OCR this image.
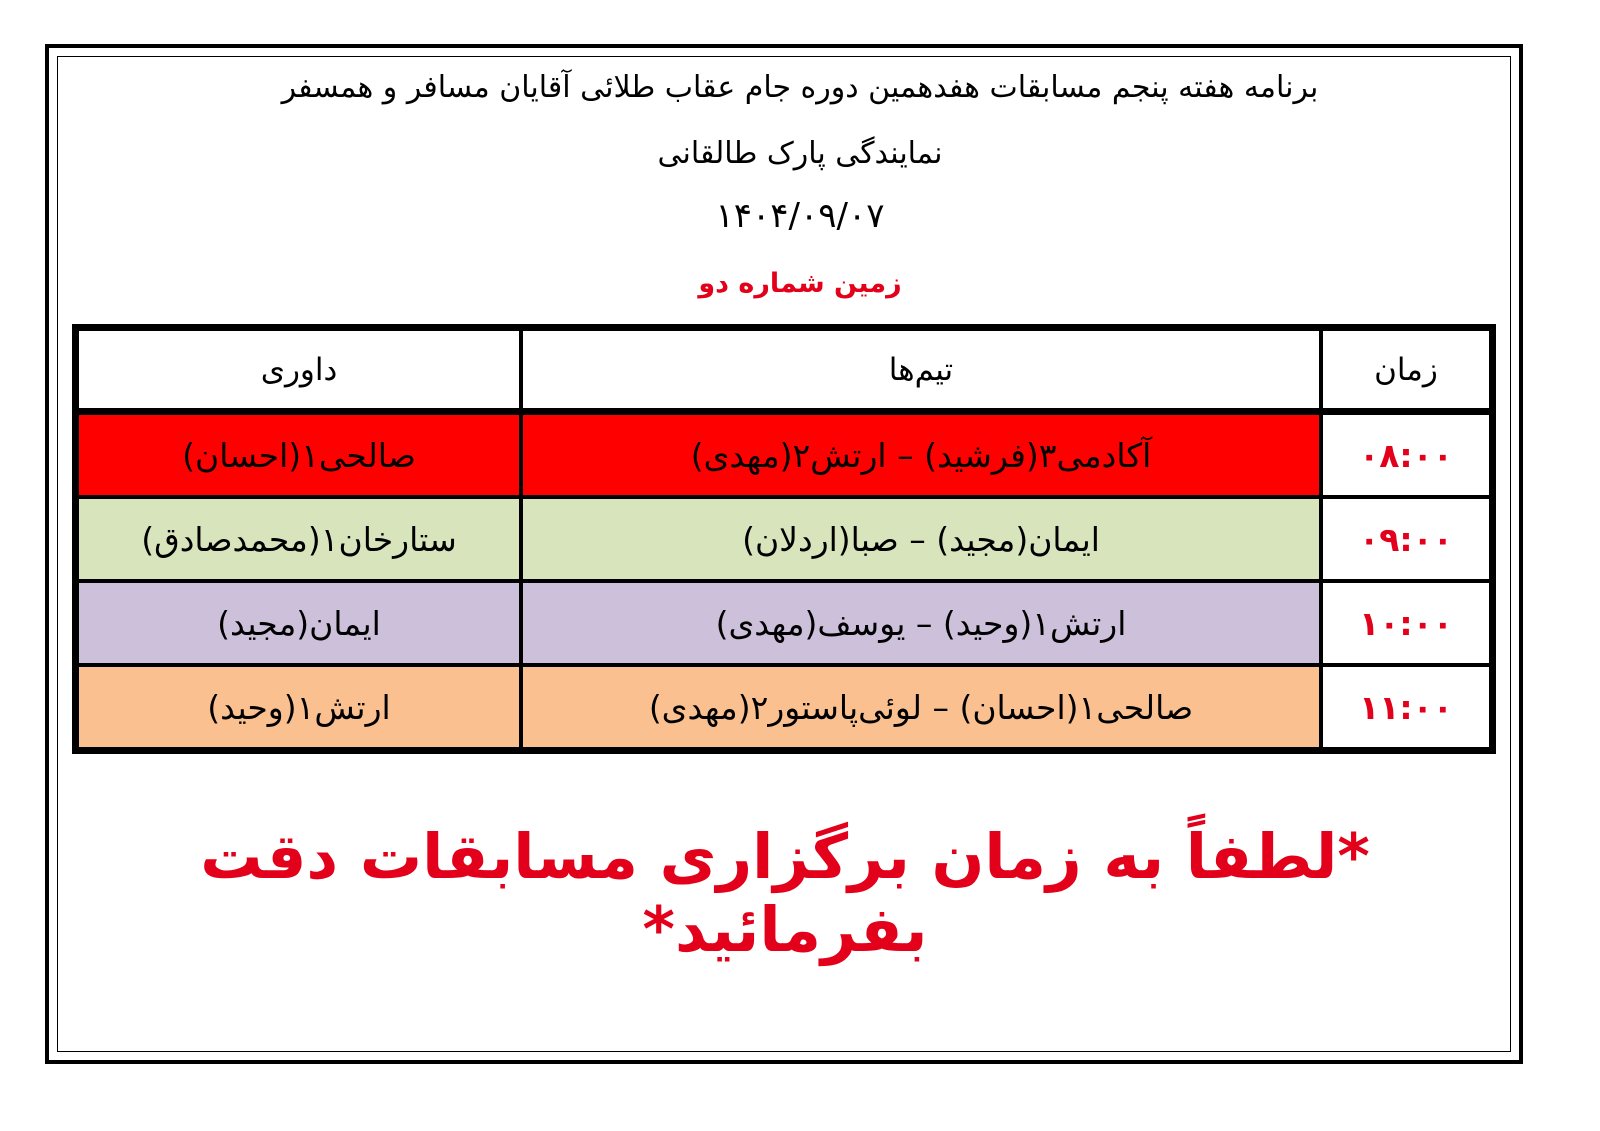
برنامه هفته پنجم مسابقات هفدهمین دوره جام عقاب طلائی آقایان مسافر و همسفر
نمایندگی پارک طالقانی
۱۴۰۴/۰۹/۰۷
زمین شماره دو
زمان	تیم‌ها	داوری
۰۸:۰۰	آکادمی۳(فرشید) – ارتش۲(مهدی)	صالحی۱(احسان)
۰۹:۰۰	ایمان(مجید) – صبا(اردلان)	ستارخان۱(محمدصادق)
۱۰:۰۰	ارتش۱(وحید) – یوسف(مهدی)	ایمان(مجید)
۱۱:۰۰	صالحی۱(احسان) – لوئی‌پاستور۲(مهدی)	ارتش۱(وحید)
*لطفاً به زمان برگزاری مسابقات دقت بفرمائید*
